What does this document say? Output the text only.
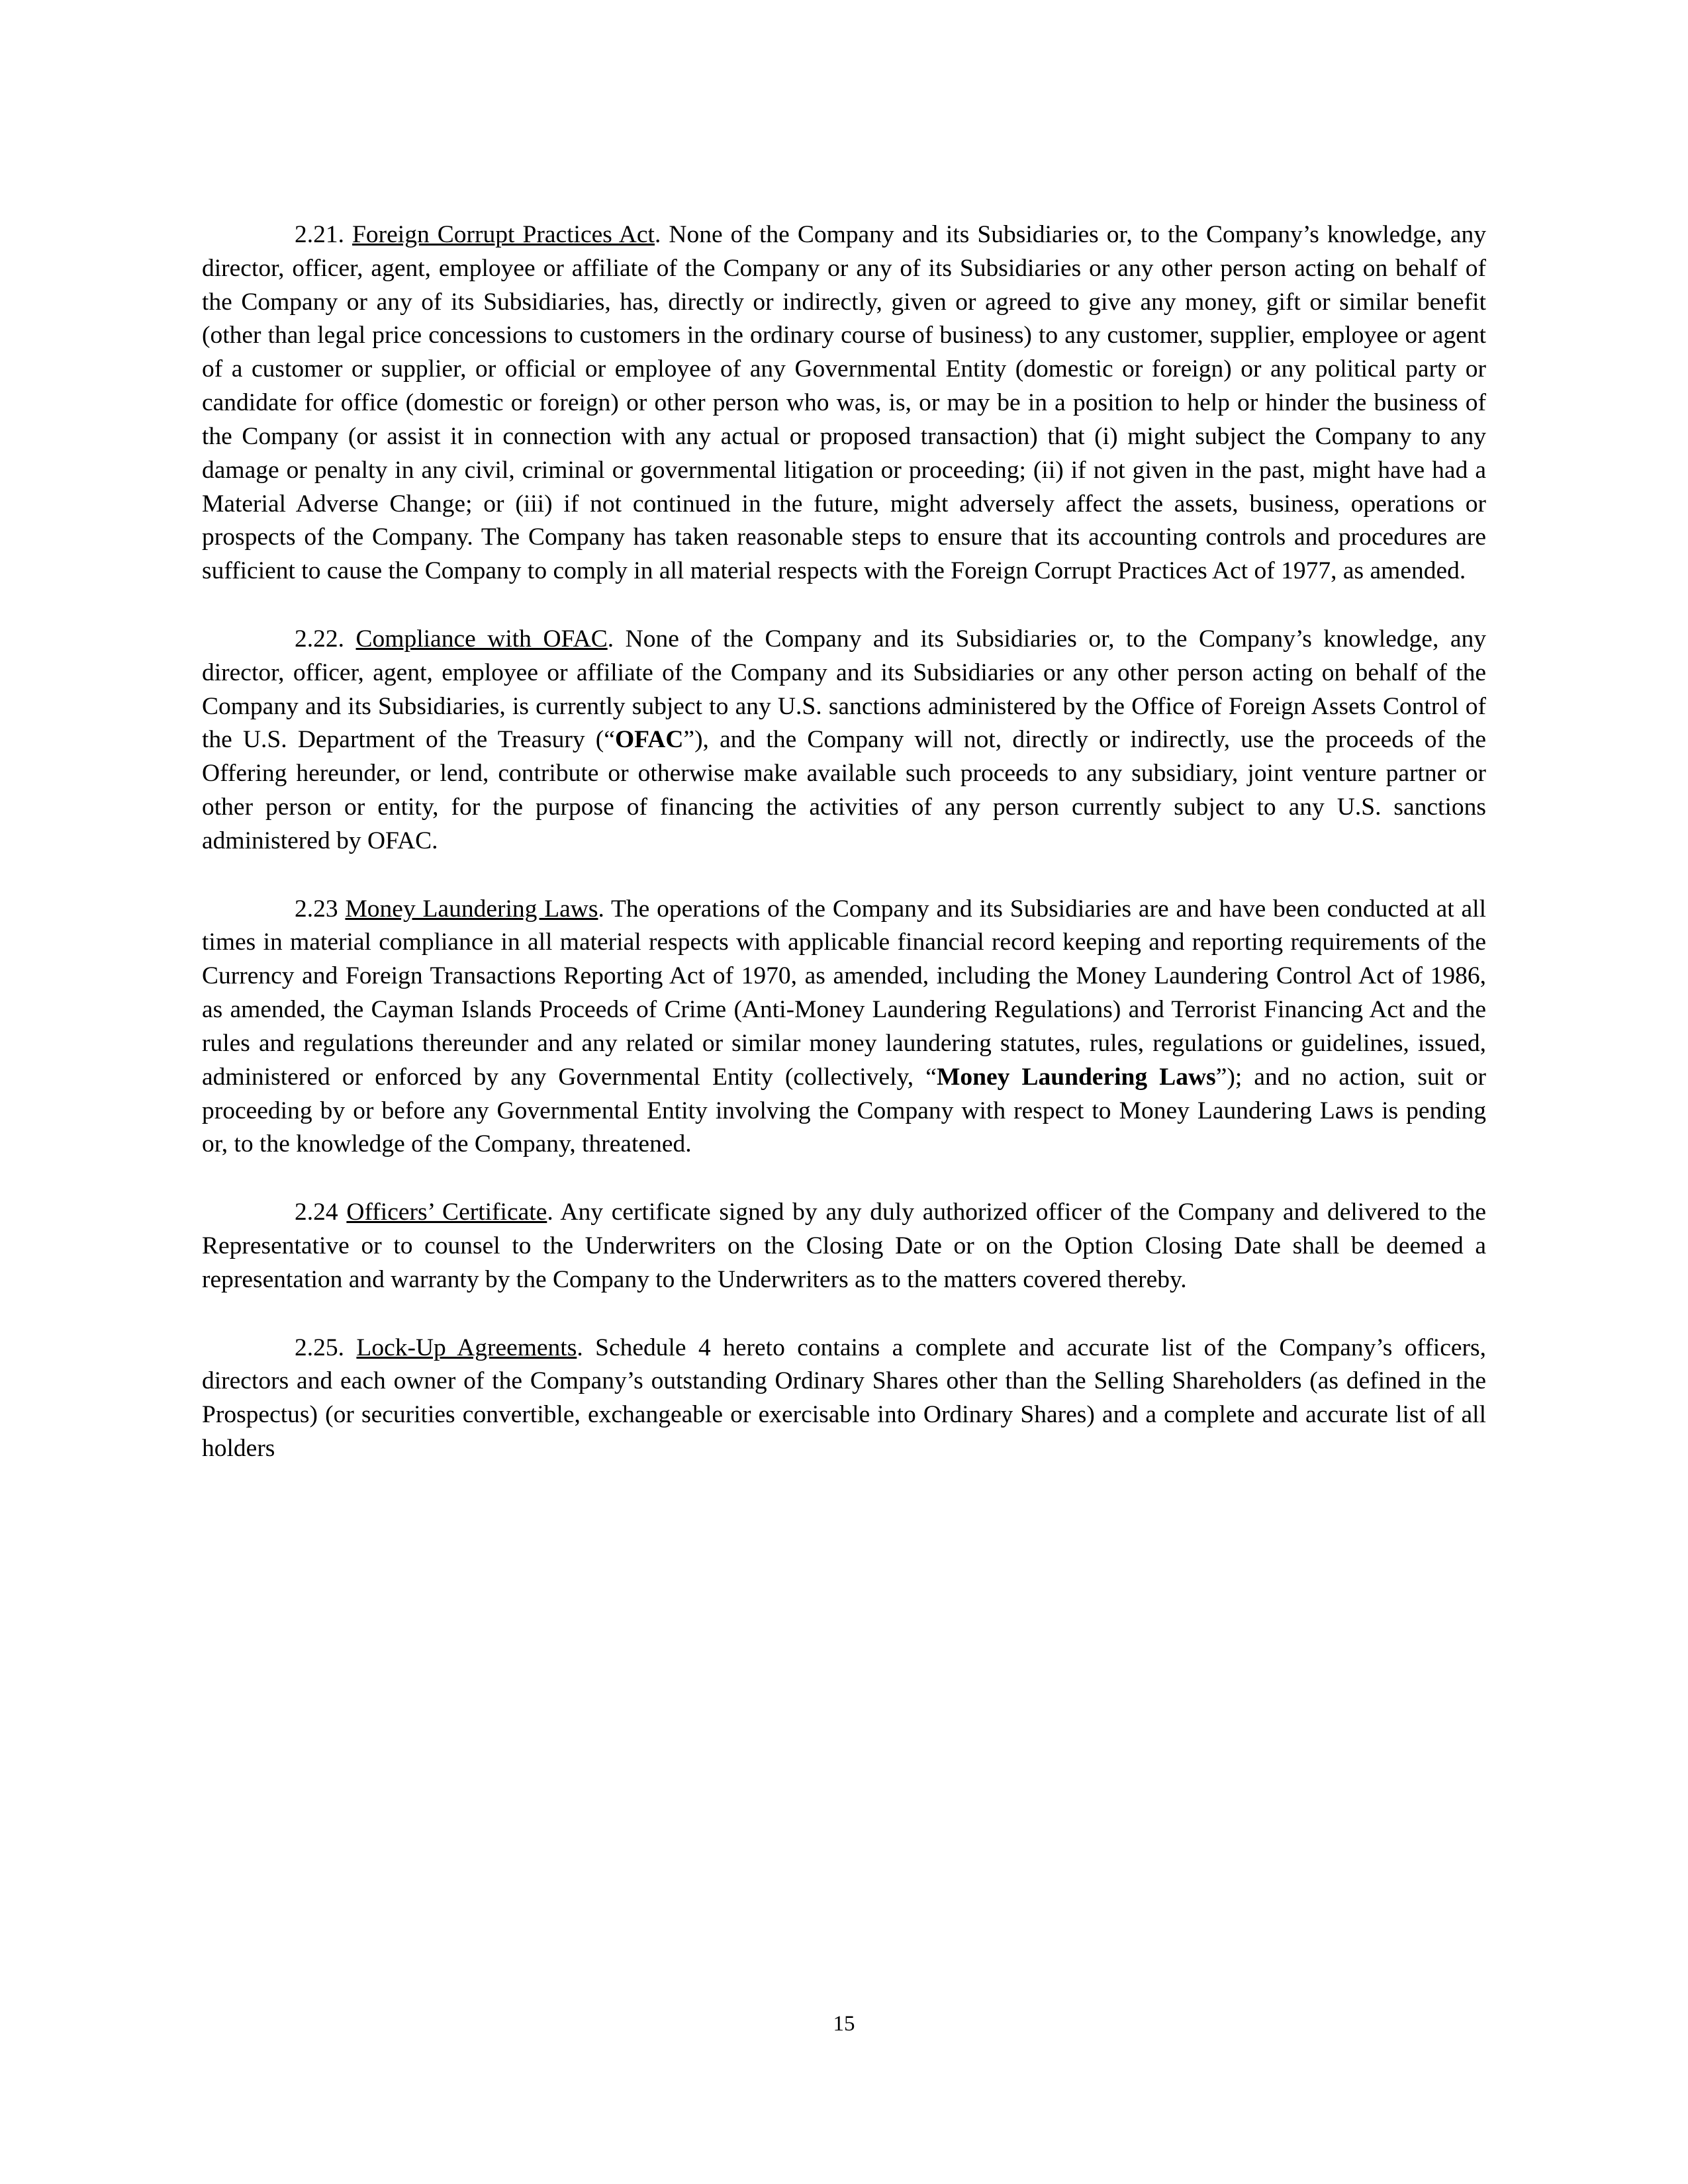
2.21. Foreign Corrupt Practices Act. None of the Company and its Subsidiaries or, to the Company’s knowledge, any director, officer, agent, employee or affiliate of the Company or any of its Subsidiaries or any other person acting on behalf of the Company or any of its Subsidiaries, has, directly or indirectly, given or agreed to give any money, gift or similar benefit (other than legal price concessions to customers in the ordinary course of business) to any customer, supplier, employee or agent of a customer or supplier, or official or employee of any Governmental Entity (domestic or foreign) or any political party or candidate for office (domestic or foreign) or other person who was, is, or may be in a position to help or hinder the business of the Company (or assist it in connection with any actual or proposed transaction) that (i) might subject the Company to any damage or penalty in any civil, criminal or governmental litigation or proceeding; (ii) if not given in the past, might have had a Material Adverse Change; or (iii) if not continued in the future, might adversely affect the assets, business, operations or prospects of the Company. The Company has taken reasonable steps to ensure that its accounting controls and procedures are sufficient to cause the Company to comply in all material respects with the Foreign Corrupt Practices Act of 1977, as amended.

2.22. Compliance with OFAC. None of the Company and its Subsidiaries or, to the Company’s knowledge, any director, officer, agent, employee or affiliate of the Company and its Subsidiaries or any other person acting on behalf of the Company and its Subsidiaries, is currently subject to any U.S. sanctions administered by the Office of Foreign Assets Control of the U.S. Department of the Treasury (“OFAC”), and the Company will not, directly or indirectly, use the proceeds of the Offering hereunder, or lend, contribute or otherwise make available such proceeds to any subsidiary, joint venture partner or other person or entity, for the purpose of financing the activities of any person currently subject to any U.S. sanctions administered by OFAC.

2.23 Money Laundering Laws. The operations of the Company and its Subsidiaries are and have been conducted at all times in material compliance in all material respects with applicable financial record keeping and reporting requirements of the Currency and Foreign Transactions Reporting Act of 1970, as amended, including the Money Laundering Control Act of 1986, as amended, the Cayman Islands Proceeds of Crime (Anti-Money Laundering Regulations) and Terrorist Financing Act and the rules and regulations thereunder and any related or similar money laundering statutes, rules, regulations or guidelines, issued, administered or enforced by any Governmental Entity (collectively, “Money Laundering Laws”); and no action, suit or proceeding by or before any Governmental Entity involving the Company with respect to Money Laundering Laws is pending or, to the knowledge of the Company, threatened.

2.24 Officers’ Certificate. Any certificate signed by any duly authorized officer of the Company and delivered to the Representative or to counsel to the Underwriters on the Closing Date or on the Option Closing Date shall be deemed a representation and warranty by the Company to the Underwriters as to the matters covered thereby.

2.25. Lock-Up Agreements. Schedule 4 hereto contains a complete and accurate list of the Company’s officers, directors and each owner of the Company’s outstanding Ordinary Shares other than the Selling Shareholders (as defined in the Prospectus) (or securities convertible, exchangeable or exercisable into Ordinary Shares) and a complete and accurate list of all holders

15
